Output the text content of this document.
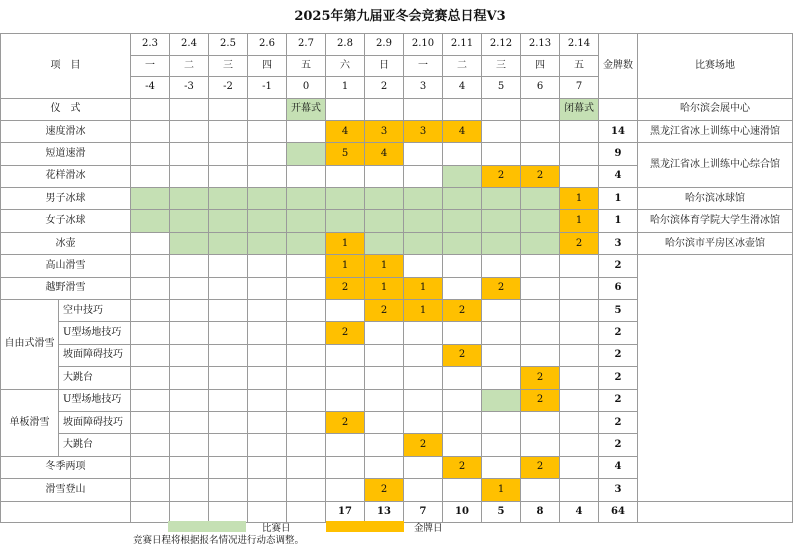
2025年第九届亚冬会竞赛总日程V3
项　目		2.3	2.4	2.5	2.6	2.7	2.8	2.9	2.10	2.11	2.12	2.13	2.14	金牌数	比赛场地
		一	二	三	四	五	六	日	一	二	三	四	五		
		-4	-3	-2	-1	0	1	2	3	4	5	6	7		
仪　式						开幕式							闭幕式		哈尔滨会展中心
速度滑冰							4	3	3	4				14	黑龙江省冰上训练中心速滑馆
短道速滑							5	4						9	黑龙江省冰上训练中心综合馆
花样滑冰											2	2		4	
男子冰球													1	1	哈尔滨冰球馆
女子冰球													1	1	哈尔滨体育学院大学生滑冰馆
冰壶							1						2	3	哈尔滨市平房区冰壶馆
高山滑雪							1	1						2	
越野滑雪							2	1	1		2			6	
自由式滑雪	空中技巧							2	1	2				5	
	U型场地技巧						2							2	
	坡面障碍技巧									2				2	
	大跳台											2		2	
单板滑雪	U型场地技巧											2		2	
	坡面障碍技巧						2							2	
	大跳台								2					2	
冬季两项										2		2		4	
滑雪登山								2			1			3	
							17	13	7	10	5	8	4	64	
比赛日	金牌日
竞赛日程将根据报名情况进行动态调整。
